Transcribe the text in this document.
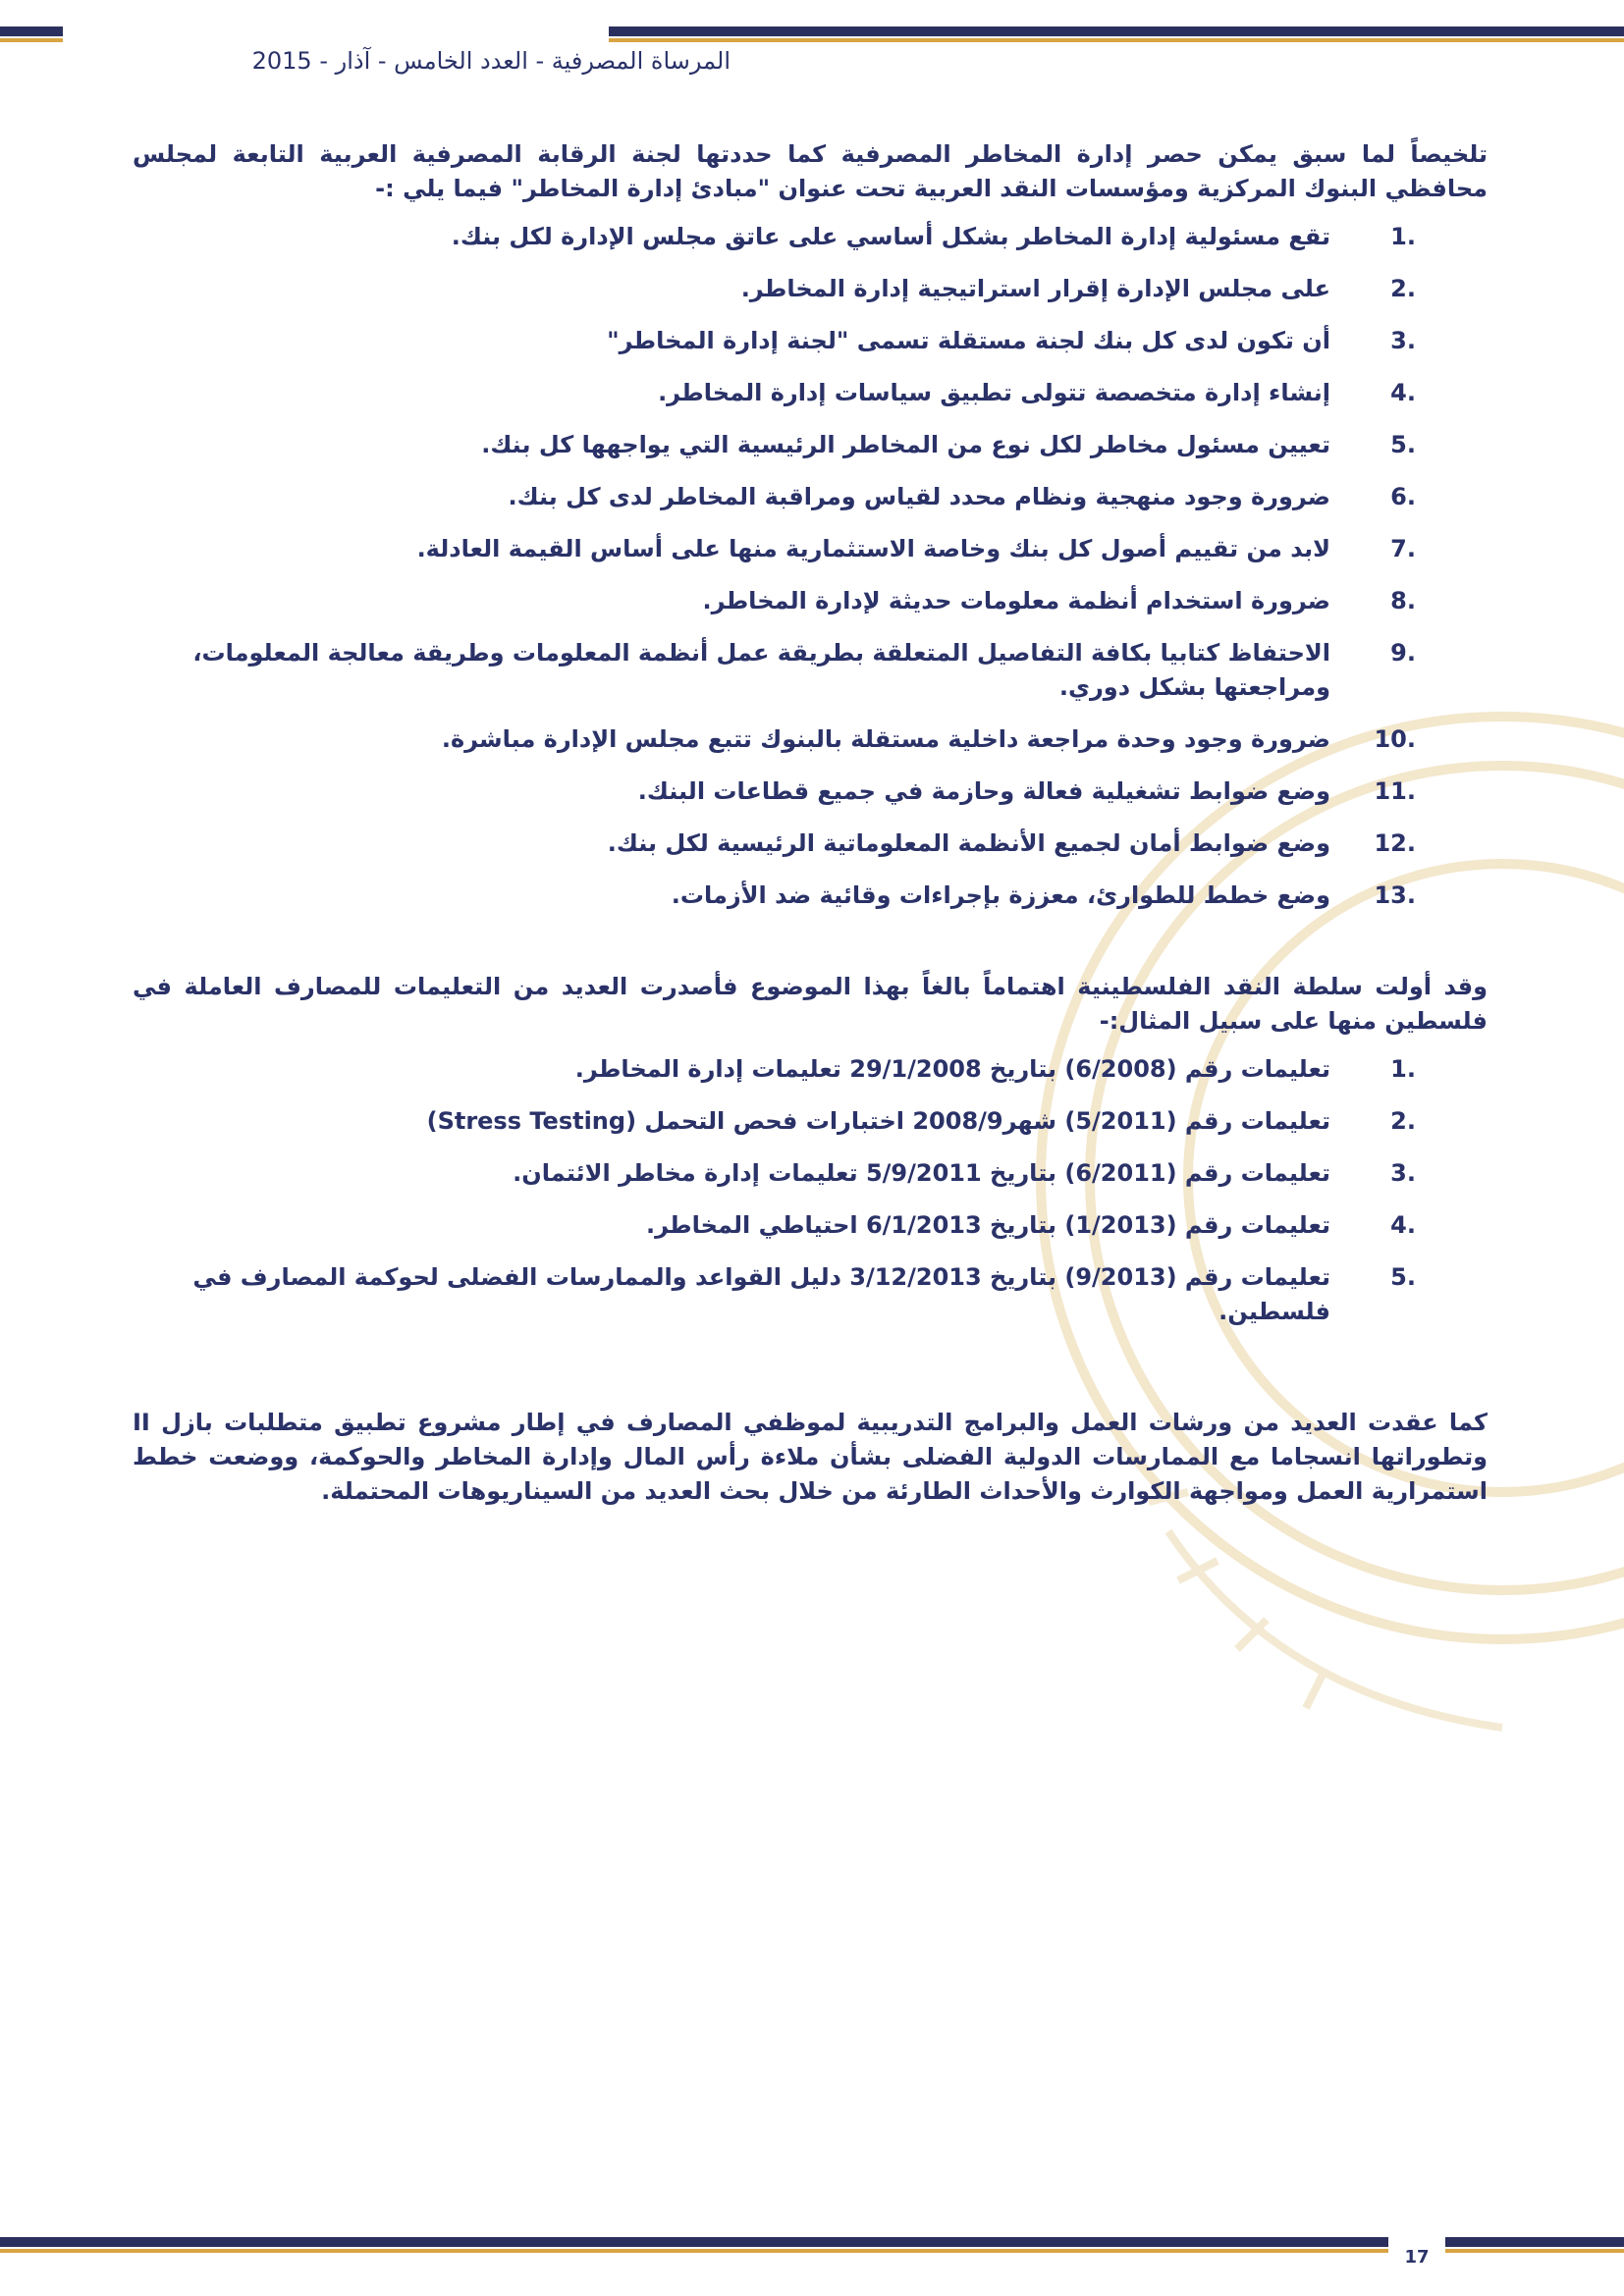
المرساة المصرفية - العدد الخامس - آذار - 2015

تلخيصاً لما سبق يمكن حصر إدارة المخاطر المصرفية كما حددتها لجنة الرقابة المصرفية العربية التابعة لمجلس محافظي البنوك المركزية ومؤسسات النقد العربية تحت عنوان "مبادئ إدارة المخاطر" فيما يلي :-

1.
تقع مسئولية إدارة المخاطر بشكل أساسي على عاتق مجلس الإدارة لكل بنك.
2.
على مجلس الإدارة إقرار استراتيجية إدارة المخاطر.
3.
أن تكون لدى كل بنك لجنة مستقلة تسمى "لجنة إدارة المخاطر"
4.
إنشاء إدارة متخصصة تتولى تطبيق سياسات إدارة المخاطر.
5.
تعيين مسئول مخاطر لكل نوع من المخاطر الرئيسية التي يواجهها كل بنك.
6.
ضرورة وجود منهجية ونظام محدد لقياس ومراقبة المخاطر لدى كل بنك.
7.
لابد من تقييم أصول كل بنك وخاصة الاستثمارية منها على أساس القيمة العادلة.
8.
ضرورة استخدام أنظمة معلومات حديثة لإدارة المخاطر.
9.
الاحتفاظ كتابيا بكافة التفاصيل المتعلقة بطريقة عمل أنظمة المعلومات وطريقة معالجة المعلومات، ومراجعتها بشكل دوري.
10.
ضرورة وجود وحدة مراجعة داخلية مستقلة بالبنوك تتبع مجلس الإدارة مباشرة.
11.
وضع ضوابط تشغيلية فعالة وحازمة في جميع قطاعات البنك.
12.
وضع ضوابط أمان لجميع الأنظمة المعلوماتية الرئيسية لكل بنك.
13.
وضع خطط للطوارئ، معززة بإجراءات وقائية ضد الأزمات.

وقد أولت سلطة النقد الفلسطينية اهتماماً بالغاً بهذا الموضوع فأصدرت العديد من التعليمات للمصارف العاملة في فلسطين منها على سبيل المثال:-

1.
تعليمات رقم (6/2008) بتاريخ 29/1/2008 تعليمات إدارة المخاطر.
2.
تعليمات رقم (5/2011) شهر2008/9 اختبارات فحص التحمل (Stress Testing)
3.
تعليمات رقم (6/2011) بتاريخ 5/9/2011 تعليمات إدارة مخاطر الائتمان.
4.
تعليمات رقم (1/2013) بتاريخ 6/1/2013 احتياطي المخاطر.
5.
تعليمات رقم (9/2013) بتاريخ 3/12/2013 دليل القواعد والممارسات الفضلى لحوكمة المصارف في فلسطين.

كما عقدت العديد من ورشات العمل والبرامج التدريبية لموظفي المصارف في إطار مشروع تطبيق متطلبات بازل II وتطوراتها انسجاما مع الممارسات الدولية الفضلى بشأن ملاءة رأس المال وإدارة المخاطر والحوكمة، ووضعت خطط استمرارية العمل ومواجهة الكوارث والأحداث الطارئة من خلال بحث العديد من السيناريوهات المحتملة.

17
